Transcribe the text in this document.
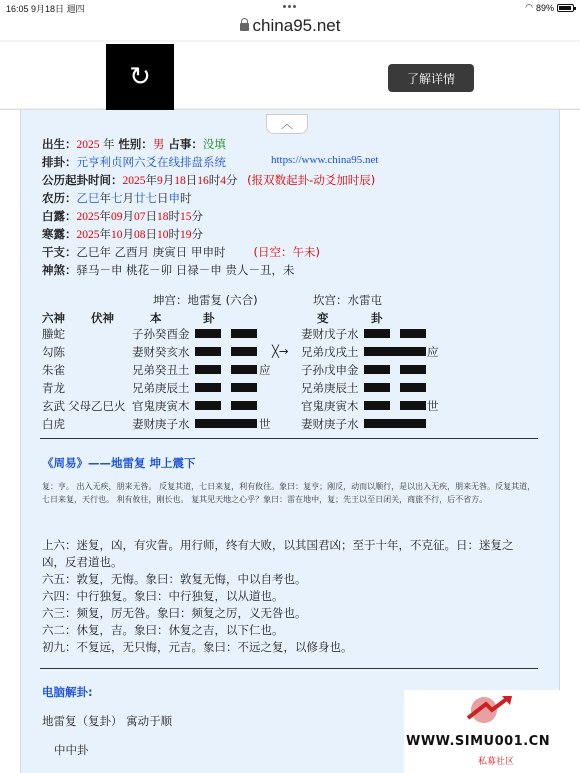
16:05 9月18日 週四	◠ 89%
china95.net
↻	了解详情
︿
出生：2025 年 性别：男 占事：没填
排卦：元亨利贞网六爻在线排盘系统	https://www.china95.net
公历起卦时间：2025年9月18日16时4分 (报双数起卦-动爻加时辰)
农历：乙巳年七月廿七日申时
白露：2025年09月07日18时15分
寒露：2025年10月08日10时19分
干支：乙巳年 乙酉月 庚寅日 甲申时 (日空：午未)
神煞：驿马－申 桃花－卯 日禄－申 贵人－丑，未
坤宫：地雷复 (六合)	坎宫：水雷屯
六神 伏神	本	卦	变	卦
螣蛇	子孙癸酉金	妻财戊子水
勾陈	妻财癸亥水	╳→ 兄弟戊戌土	应
朱雀	兄弟癸丑土	应	子孙戊申金
青龙	兄弟庚辰土	兄弟庚辰土
玄武 父母乙巳火 官鬼庚寅木	官鬼庚寅木	世
白虎	妻财庚子水	世	妻财庚子水
《周易》——地雷复 坤上震下
复：亨。 出入无疾，朋来无咎。 反复其道，七日来复，利有攸往。象曰：复亨；刚反，动而以顺行，是以出入无疾，朋来无咎。反复其道，七日来复，天行也。 利有攸往，刚长也。 复其见天地之心乎？象曰：雷在地中，复；先王以至日闭关，商旅不行，后不省方。
上六：迷复，凶，有灾眚。用行师，终有大败，以其国君凶；至于十年，不克征。日：迷复之
凶，反君道也。
六五：敦复，无悔。象曰：敦复无悔，中以自考也。
六四：中行独复。象曰：中行独复，以从道也。
六三：频复，厉无咎。象曰：频复之厉，义无咎也。
六二：休复，吉。象曰：休复之吉，以下仁也。
初九：不复远，无只悔，元吉。象曰：不远之复，以修身也。
电脑解卦:
地雷复（复卦） 寓动于顺
中中卦
WWW.SIMU001.CN
私募社区
